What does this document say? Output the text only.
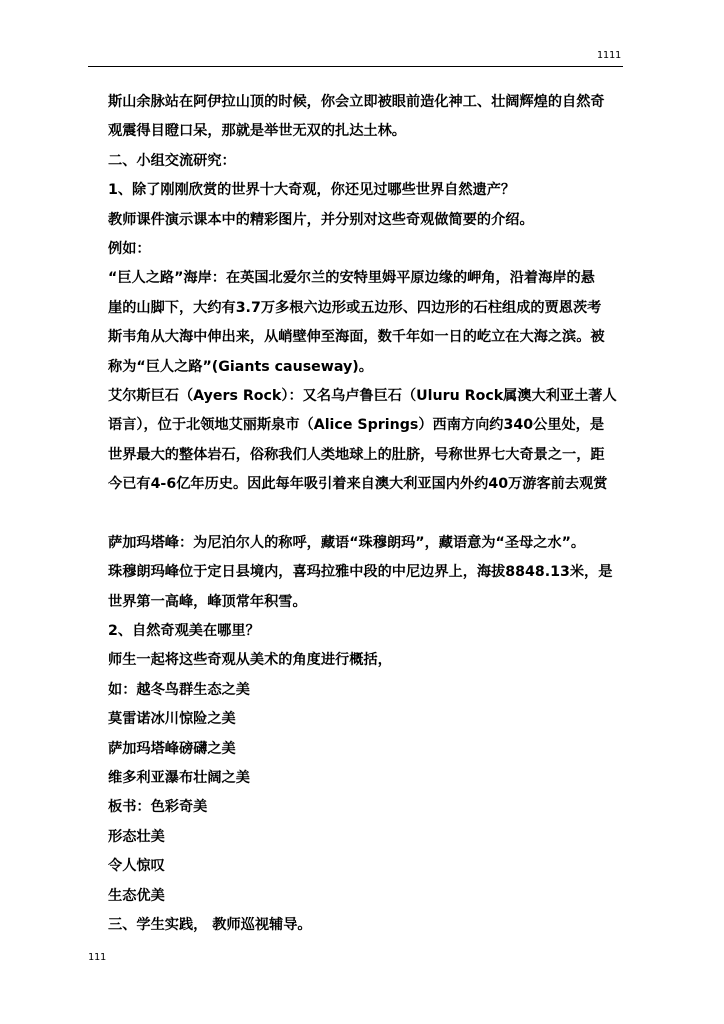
1111
斯山余脉站在阿伊拉山顶的时候，你会立即被眼前造化神工、壮阔辉煌的自然奇
观震得目瞪口呆，那就是举世无双的扎达土林。
二、小组交流研究：
1、除了刚刚欣赏的世界十大奇观，你还见过哪些世界自然遗产？
教师课件演示课本中的精彩图片，并分别对这些奇观做简要的介绍。
例如：
“巨人之路”海岸：在英国北爱尔兰的安特里姆平原边缘的岬角，沿着海岸的悬
崖的山脚下，大约有3.7万多根六边形或五边形、四边形的石柱组成的贾恩茨考
斯韦角从大海中伸出来，从峭壁伸至海面，数千年如一日的屹立在大海之滨。被
称为“巨人之路”(Giants causeway)。
艾尔斯巨石（Ayers Rock）：又名乌卢鲁巨石（Uluru Rock属澳大利亚土著人
语言），位于北领地艾丽斯泉市（Alice Springs）西南方向约340公里处，是
世界最大的整体岩石，俗称我们人类地球上的肚脐，号称世界七大奇景之一，距
今已有4-6亿年历史。因此每年吸引着来自澳大利亚国内外约40万游客前去观赏
萨加玛塔峰：为尼泊尔人的称呼，藏语“珠穆朗玛”，藏语意为“圣母之水”。
珠穆朗玛峰位于定日县境内，喜玛拉雅中段的中尼边界上，海拔8848.13米，是
世界第一高峰，峰顶常年积雪。
2、自然奇观美在哪里？
师生一起将这些奇观从美术的角度进行概括，
如：越冬鸟群生态之美
莫雷诺冰川惊险之美
萨加玛塔峰磅礴之美
维多利亚瀑布壮阔之美
板书：色彩奇美
形态壮美
令人惊叹
生态优美
三、学生实践， 教师巡视辅导。
111
